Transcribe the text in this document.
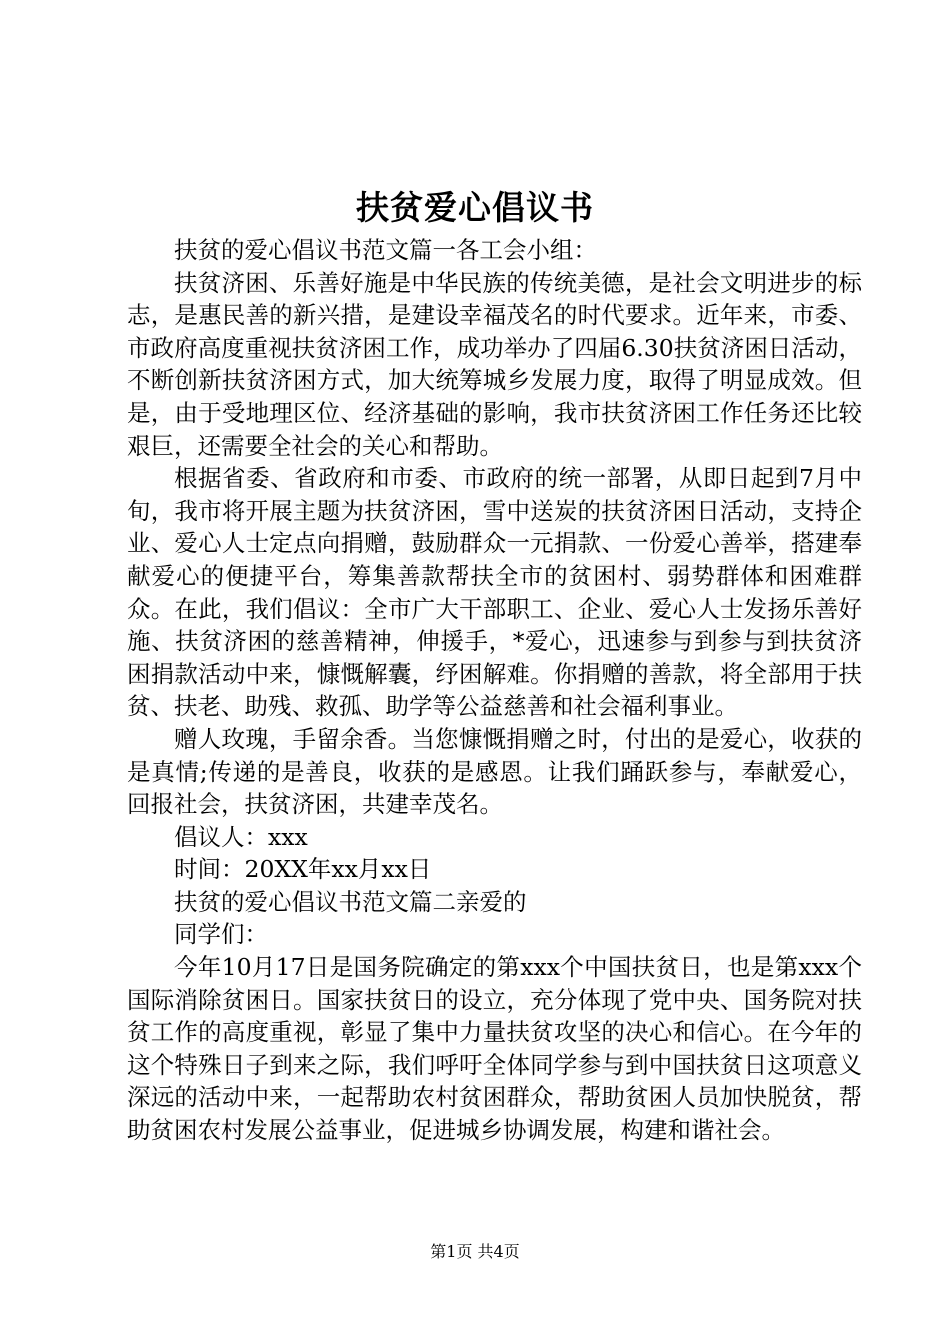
扶贫爱心倡议书

扶贫的爱心倡议书范文篇一各工会小组：

扶贫济困、乐善好施是中华民族的传统美德，是社会文明进步的标志，是惠民善的新兴措，是建设幸福茂名的时代要求。近年来，市委、市政府高度重视扶贫济困工作，成功举办了四届6.30扶贫济困日活动，不断创新扶贫济困方式，加大统筹城乡发展力度，取得了明显成效。但是，由于受地理区位、经济基础的影响，我市扶贫济困工作任务还比较艰巨，还需要全社会的关心和帮助。

根据省委、省政府和市委、市政府的统一部署，从即日起到7月中旬，我市将开展主题为扶贫济困，雪中送炭的扶贫济困日活动，支持企业、爱心人士定点向捐赠，鼓励群众一元捐款、一份爱心善举，搭建奉献爱心的便捷平台，筹集善款帮扶全市的贫困村、弱势群体和困难群众。在此，我们倡议：全市广大干部职工、企业、爱心人士发扬乐善好施、扶贫济困的慈善精神，伸援手，*爱心，迅速参与到参与到扶贫济困捐款活动中来，慷慨解囊，纾困解难。你捐赠的善款，将全部用于扶贫、扶老、助残、救孤、助学等公益慈善和社会福利事业。

赠人玫瑰，手留余香。当您慷慨捐赠之时，付出的是爱心，收获的是真情;传递的是善良，收获的是感恩。让我们踊跃参与，奉献爱心，回报社会，扶贫济困，共建幸茂名。

倡议人：xxx

时间：20XX年xx月xx日

扶贫的爱心倡议书范文篇二亲爱的

同学们：

今年10月17日是国务院确定的第xxx个中国扶贫日，也是第xxx个国际消除贫困日。国家扶贫日的设立，充分体现了党中央、国务院对扶贫工作的高度重视，彰显了集中力量扶贫攻坚的决心和信心。在今年的这个特殊日子到来之际，我们呼吁全体同学参与到中国扶贫日这项意义深远的活动中来，一起帮助农村贫困群众，帮助贫困人员加快脱贫，帮助贫困农村发展公益事业，促进城乡协调发展，构建和谐社会。

第1页 共4页
